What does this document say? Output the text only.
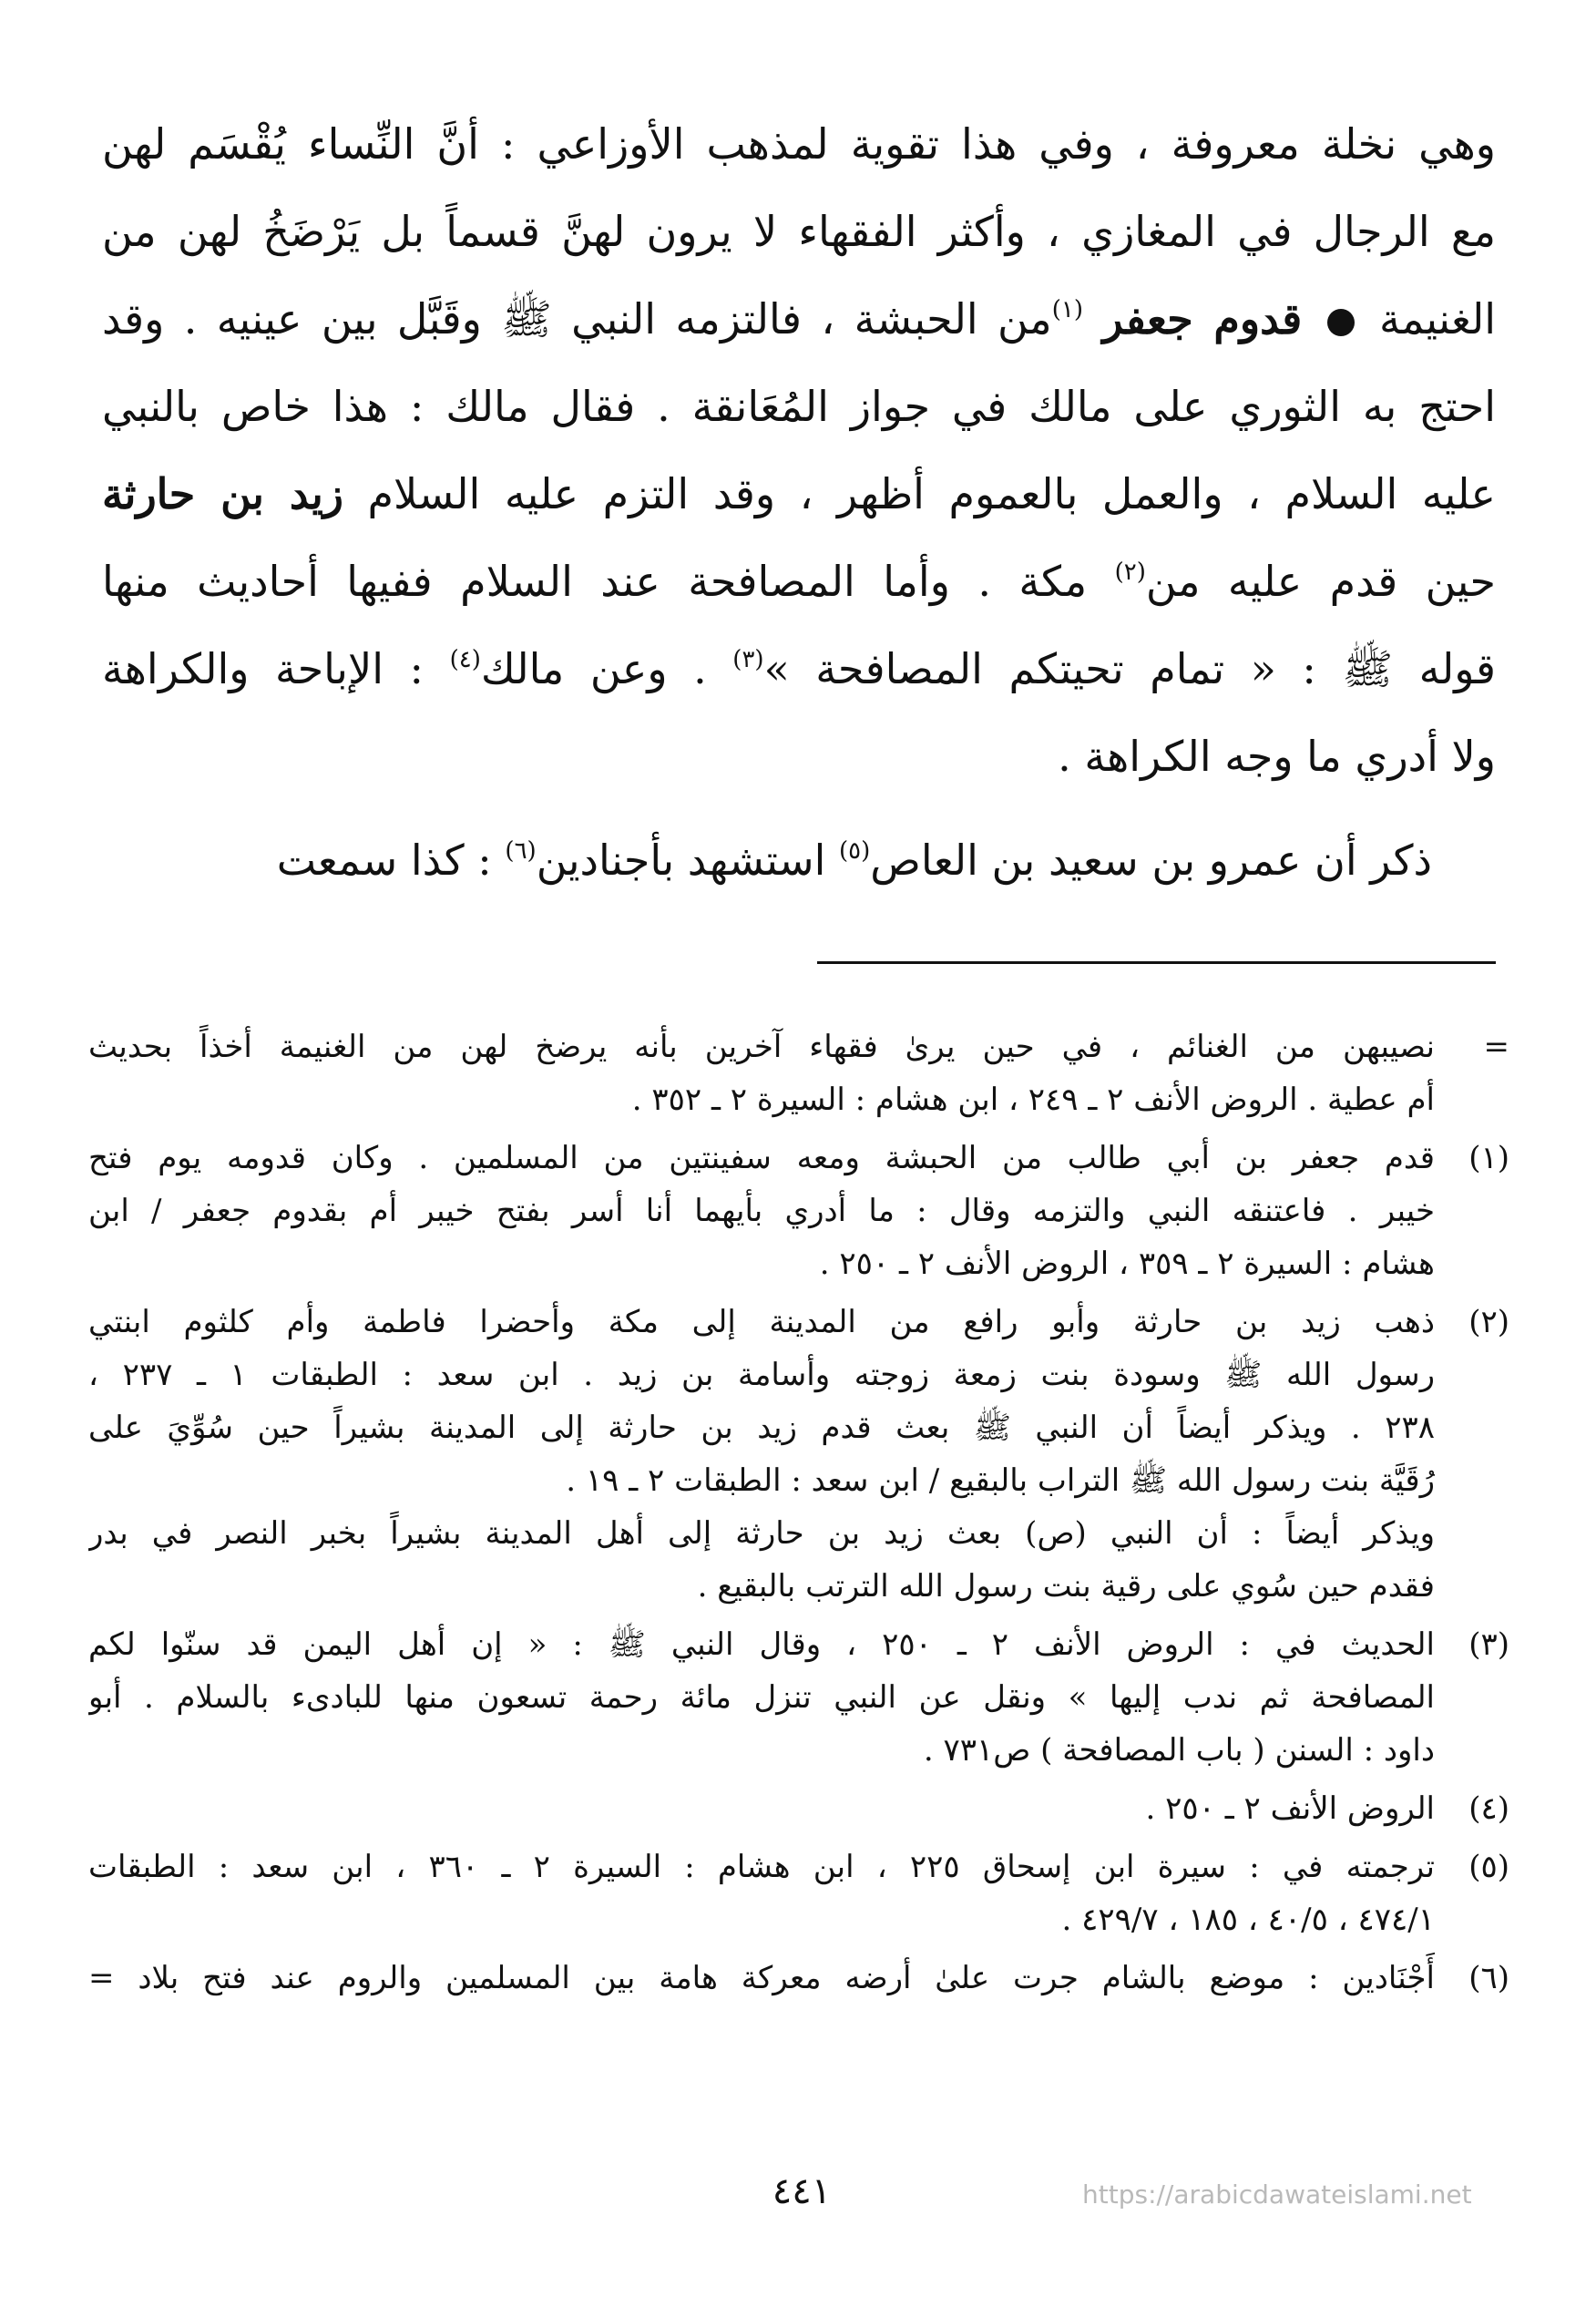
وهي نخلة معروفة ، وفي هذا تقوية لمذهب الأوزاعي : أنَّ النِّساء يُقْسَم لهن
مع الرجال في المغازي ، وأكثر الفقهاء لا يرون لهنَّ قسماً بل يَرْضَخُ لهن من
الغنيمة  قدوم جعفر $^{(١)}$من الحبشة ، فالتزمه النبي ﷺ وقَبَّل بين عينيه . وقد
احتج به الثوري على مالك في جواز المُعَانقة . فقال مالك : هذا خاص بالنبي
عليه السلام ، والعمل بالعموم أظهر ، وقد التزم عليه السلام زيد بن حارثة
حين قدم عليه من$^{(٢)}$ مكة . وأما المصافحة عند السلام ففيها أحاديث منها
قوله ﷺ : « تمام تحيتكم المصافحة »$^{(٣)}$ . وعن مالك$^{(٤)}$ : الإباحة والكراهة
ولا أدري ما وجه الكراهة .
ذكر أن عمرو بن سعيد بن العاص$^{(٥)}$ استشهد بأجنادين$^{(٦)}$ : كذا سمعت
=
نصيبهن من الغنائم ، في حين يرىٰ فقهاء آخرين بأنه يرضخ لهن من الغنيمة أخذاً بحديث
أم عطية . الروض الأنف ٢ ـ ٢٤٩ ، ابن هشام : السيرة ٢ ـ ٣٥٢ .
(١)
قدم جعفر بن أبي طالب من الحبشة ومعه سفينتين من المسلمين . وكان قدومه يوم فتح
خيبر . فاعتنقه النبي والتزمه وقال : ما أدري بأيهما أنا أسر بفتح خيبر أم بقدوم جعفر / ابن
هشام : السيرة ٢ ـ ٣٥٩ ، الروض الأنف ٢ ـ ٢٥٠ .
(٢)
ذهب زيد بن حارثة وأبو رافع من المدينة إلى مكة وأحضرا فاطمة وأم كلثوم ابنتي
رسول الله ﷺ وسودة بنت زمعة زوجته وأسامة بن زيد . ابن سعد : الطبقات ١ ـ ٢٣٧ ،
٢٣٨ . ويذكر أيضاً أن النبي ﷺ بعث قدم زيد بن حارثة إلى المدينة بشيراً حين سُوِّيَ على
رُقَيَّة بنت رسول الله ﷺ التراب بالبقيع / ابن سعد : الطبقات ٢ ـ ١٩ .
ويذكر أيضاً : أن النبي (ص) بعث زيد بن حارثة إلى أهل المدينة بشيراً بخبر النصر في بدر
فقدم حين سُوي على رقية بنت رسول الله الترتب بالبقيع .
(٣)
الحديث في : الروض الأنف ٢ ـ ٢٥٠ ، وقال النبي ﷺ : « إن أهل اليمن قد سنّوا لكم
المصافحة ثم ندب إليها » ونقل عن النبي تنزل مائة رحمة تسعون منها للبادىء بالسلام . أبو
داود : السنن ( باب المصافحة ) ص٧٣١ .
(٤)
الروض الأنف ٢ ـ ٢٥٠ .
(٥)
ترجمته في : سيرة ابن إسحاق ٢٢٥ ، ابن هشام : السيرة ٢ ـ ٣٦٠ ، ابن سعد : الطبقات
٤٧٤/١ ، ٤٠/٥ ، ١٨٥ ، ٤٢٩/٧ .
(٦)
أَجْنَادين : موضع بالشام جرت علىٰ أرضه معركة هامة بين المسلمين والروم عند فتح بلاد =
٤٤١	https://arabicdawateislami.net
